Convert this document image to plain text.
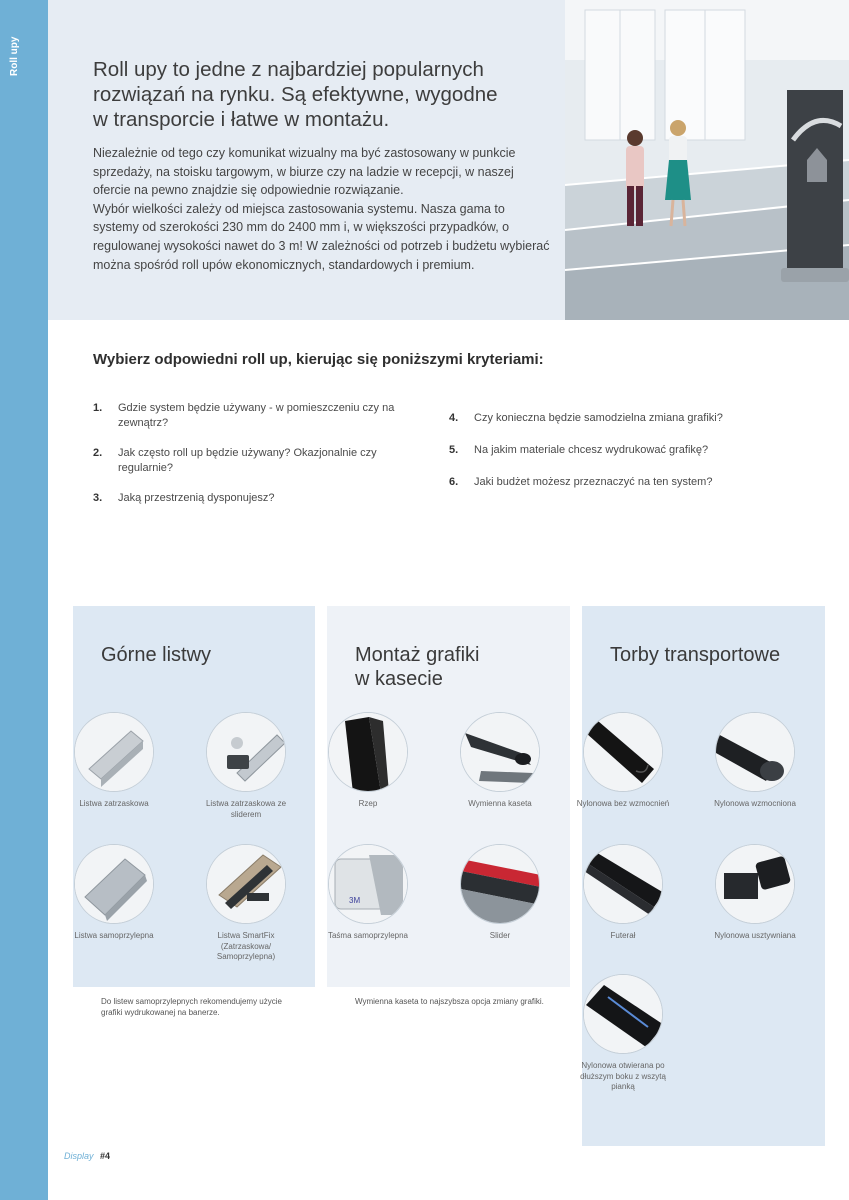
Roll upy	Roll upy to jedne z najbardziej popularnych rozwiązań na rynku. Są efektywne, wygodne w transporcie i łatwe w montażu.

Niezależnie od tego czy komunikat wizualny ma być zastosowany w punkcie sprzedaży, na stoisku targowym, w biurze czy na ladzie w recepcji, w naszej ofercie na pewno znajdzie się odpowiednie rozwiązanie.

Wybór wielkości zależy od miejsca zastosowania systemu. Nasza gama to systemy od szerokości 230 mm do 2400 mm i, w większości przypadków, o regulowanej wysokości nawet do 3 m! W zależności od potrzeb i budżetu wybierać można spośród roll upów ekonomicznych, standardowych i premium.

Wybierz odpowiedni roll up, kierując się poniższymi kryteriami:
1.	Gdzie system będzie używany - w pomieszczeniu czy na zewnątrz?
2.	Jak często roll up będzie używany? Okazjonalnie czy regularnie?
3.	Jaką przestrzenią dysponujesz?
4.	Czy konieczna będzie samodzielna zmiana grafiki?
5.	Na jakim materiale chcesz wydrukować grafikę?
6.	Jaki budżet możesz przeznaczyć na ten system?
Górne listwy
Listwa zatrzaskowa	Listwa zatrzaskowa ze sliderem
Listwa samoprzylepna	Listwa SmartFix (Zatrzaskowa/ Samoprzylepna)

Do listew samoprzylepnych rekomendujemy użycie grafiki wydrukowanej na banerze.

Montaż grafiki
w kasecie
Rzep	Wymienna kaseta
3M
Taśma samoprzylepna	Slider

Wymienna kaseta to najszybsza opcja zmiany grafiki.

Torby transportowe
Nylonowa bez wzmocnień	Nylonowa wzmocniona
Futerał	Nylonowa usztywniana
Nylonowa otwierana po dłuższym boku z wszytą pianką
Display #4
